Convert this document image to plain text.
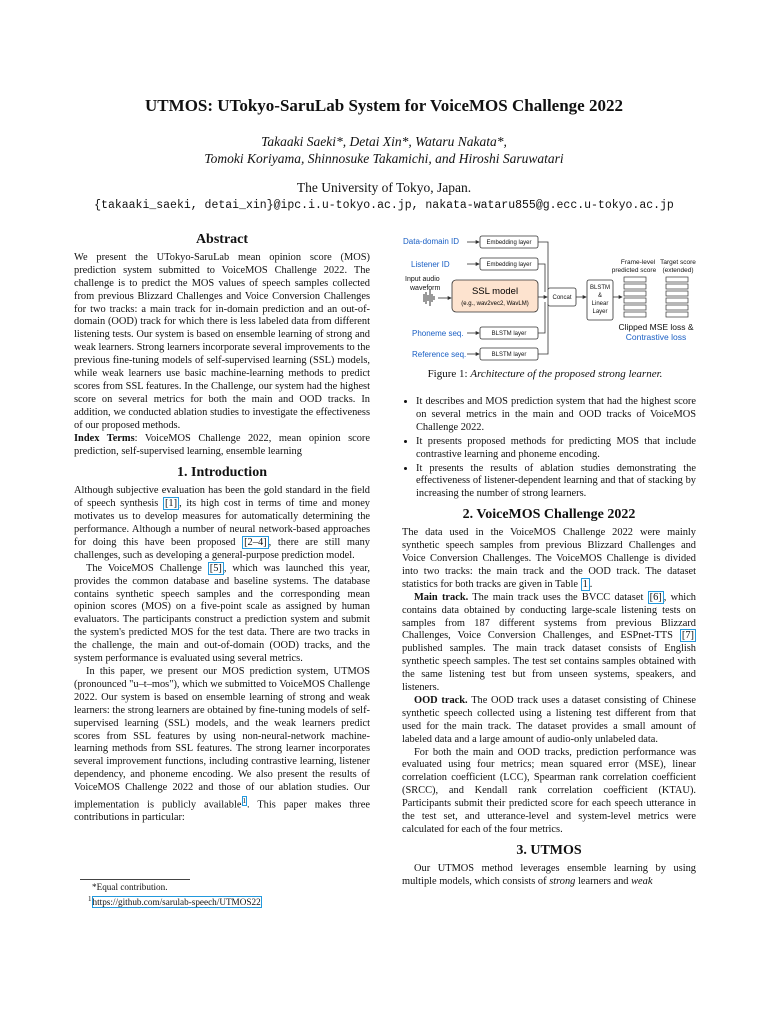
UTMOS: UTokyo-SaruLab System for VoiceMOS Challenge 2022
Takaaki Saeki*, Detai Xin*, Wataru Nakata*,
Tomoki Koriyama, Shinnosuke Takamichi, and Hiroshi Saruwatari
The University of Tokyo, Japan.
{takaaki_saeki, detai_xin}@ipc.i.u-tokyo.ac.jp, nakata-wataru855@g.ecc.u-tokyo.ac.jp
Abstract

We present the UTokyo-SaruLab mean opinion score (MOS) prediction system submitted to VoiceMOS Challenge 2022. The challenge is to predict the MOS values of speech samples collected from previous Blizzard Challenges and Voice Conversion Challenges for two tracks: a main track for in-domain prediction and an out-of-domain (OOD) track for which there is less labeled data from different listening tests. Our system is based on ensemble learning of strong and weak learners. Strong learners incorporate several improvements to the previous fine-tuning models of self-supervised learning (SSL) models, while weak learners use basic machine-learning methods to predict scores from SSL features. In the Challenge, our system had the highest score on several metrics for both the main and OOD tracks. In addition, we conducted ablation studies to investigate the effectiveness of our proposed methods.

Index Terms: VoiceMOS Challenge 2022, mean opinion score prediction, self-supervised learning, ensemble learning

1. Introduction

Although subjective evaluation has been the gold standard in the field of speech synthesis [1] , its high cost in terms of time and money motivates us to develop measures for automatically determining the performance. Although a number of neural network-based approaches for doing this have been proposed [2–4] , there are still many challenges, such as developing a general-purpose prediction model.

The VoiceMOS Challenge [5] , which was launched this year, provides the common database and baseline systems. The database contains synthetic speech samples and the corresponding mean opinion scores (MOS) on a five-point scale as assigned by human evaluators. The participants construct a prediction system and submit the system's predicted MOS for the test data. There are two tracks in the challenge, the main and out-of-domain (OOD) tracks, and the system performance is evaluated using several metrics.

In this paper, we present our MOS prediction system, UTMOS (pronounced "u–t–mos"), which we submitted to VoiceMOS Challenge 2022. Our system is based on ensemble learning of strong and weak learners: the strong learners are obtained by fine-tuning models of self-supervised learning (SSL) models, and the weak learners predict scores from SSL features by using non-neural-network machine-learning methods from SSL features. The strong learner incorporates several improvement functions, including contrastive learning, listener dependency, and phoneme encoding. We also present the results of VoiceMOS Challenge 2022 and those of our ablation studies. Our implementation is publicly available$^1$. This paper makes three contributions in particular:

*Equal contribution.
$^1$https://github.com/sarulab-speech/UTMOS22
Data-domain ID
Listener ID
Input audio
waveform
Phoneme seq.
Reference seq.
Embedding layer
Embedding layer
SSL model
(e.g., wav2vec2, WavLM)
BLSTM layer
BLSTM layer
Concat
BLSTM
&
Linear
Layer
Frame-level
predicted score
Target score
(extended)
Clipped MSE loss &
Contrastive loss
Figure 1: Architecture of the proposed strong learner.
• It describes and MOS prediction system that had the highest score on several metrics in the main and OOD tracks of VoiceMOS Challenge 2022.
• It presents proposed methods for predicting MOS that include contrastive learning and phoneme encoding.
• It presents the results of ablation studies demonstrating the effectiveness of listener-dependent learning and that of stacking by increasing the number of strong learners.
2. VoiceMOS Challenge 2022

The data used in the VoiceMOS Challenge 2022 were mainly synthetic speech samples from previous Blizzard Challenges and Voice Conversion Challenges. The VoiceMOS Challenge is divided into two tracks: the main track and the OOD track. The dataset statistics for both tracks are given in Table 1 .

Main track. The main track uses the BVCC dataset [6] , which contains data obtained by conducting large-scale listening tests on samples from 187 different systems from previous Blizzard Challenges, Voice Conversion Challenges, and ESPnet-TTS [7] published samples. The main track dataset consists of English synthetic speech samples. The test set contains samples obtained with the same listening test but from unseen systems, speakers, and listeners.

OOD track. The OOD track uses a dataset consisting of Chinese synthetic speech collected using a listening test different from that used for the main track. The dataset provides a small amount of labeled data and a large amount of audio-only unlabeled data.

For both the main and OOD tracks, prediction performance was evaluated using four metrics; mean squared error (MSE), linear correlation coefficient (LCC), Spearman rank correlation coefficient (SRCC), and Kendall rank correlation coefficient (KTAU). Participants submit their predicted score for each speech utterance in the test set, and utterance-level and system-level metrics were calculated for each of the four metrics.

3. UTMOS

Our UTMOS method leverages ensemble learning by using multiple models, which consists of strong learners and weak
